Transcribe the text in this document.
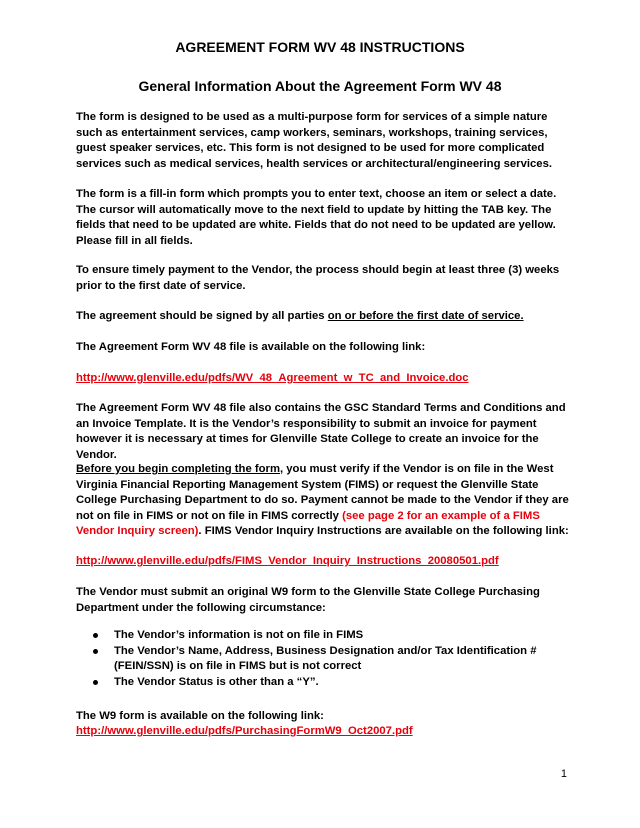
AGREEMENT FORM WV 48 INSTRUCTIONS
General Information About the Agreement Form WV 48

The form is designed to be used as a multi-purpose form for services of a simple nature such as entertainment services, camp workers, seminars, workshops, training services, guest speaker services, etc. This form is not designed to be used for more complicated services such as medical services, health services or architectural/engineering services.

The form is a fill-in form which prompts you to enter text, choose an item or select a date. The cursor will automatically move to the next field to update by hitting the TAB key. The fields that need to be updated are white. Fields that do not need to be updated are yellow. Please fill in all fields.

To ensure timely payment to the Vendor, the process should begin at least three (3) weeks prior to the first date of service.

The agreement should be signed by all parties on or before the first date of service.

The Agreement Form WV 48 file is available on the following link:

http://www.glenville.edu/pdfs/WV_48_Agreement_w_TC_and_Invoice.doc

The Agreement Form WV 48 file also contains the GSC Standard Terms and Conditions and an Invoice Template. It is the Vendor’s responsibility to submit an invoice for payment however it is necessary at times for Glenville State College to create an invoice for the Vendor.

Before you begin completing the form, you must verify if the Vendor is on file in the West Virginia Financial Reporting Management System (FIMS) or request the Glenville State College Purchasing Department to do so. Payment cannot be made to the Vendor if they are not on file in FIMS or not on file in FIMS correctly (see page 2 for an example of a FIMS Vendor Inquiry screen). FIMS Vendor Inquiry Instructions are available on the following link:

http://www.glenville.edu/pdfs/FIMS_Vendor_Inquiry_Instructions_20080501.pdf

The Vendor must submit an original W9 form to the Glenville State College Purchasing Department under the following circumstance:

The Vendor’s information is not on file in FIMS
The Vendor’s Name, Address, Business Designation and/or Tax Identification # (FEIN/SSN) is on file in FIMS but is not correct
The Vendor Status is other than a “Y”.

The W9 form is available on the following link:

http://www.glenville.edu/pdfs/PurchasingFormW9_Oct2007.pdf

1
